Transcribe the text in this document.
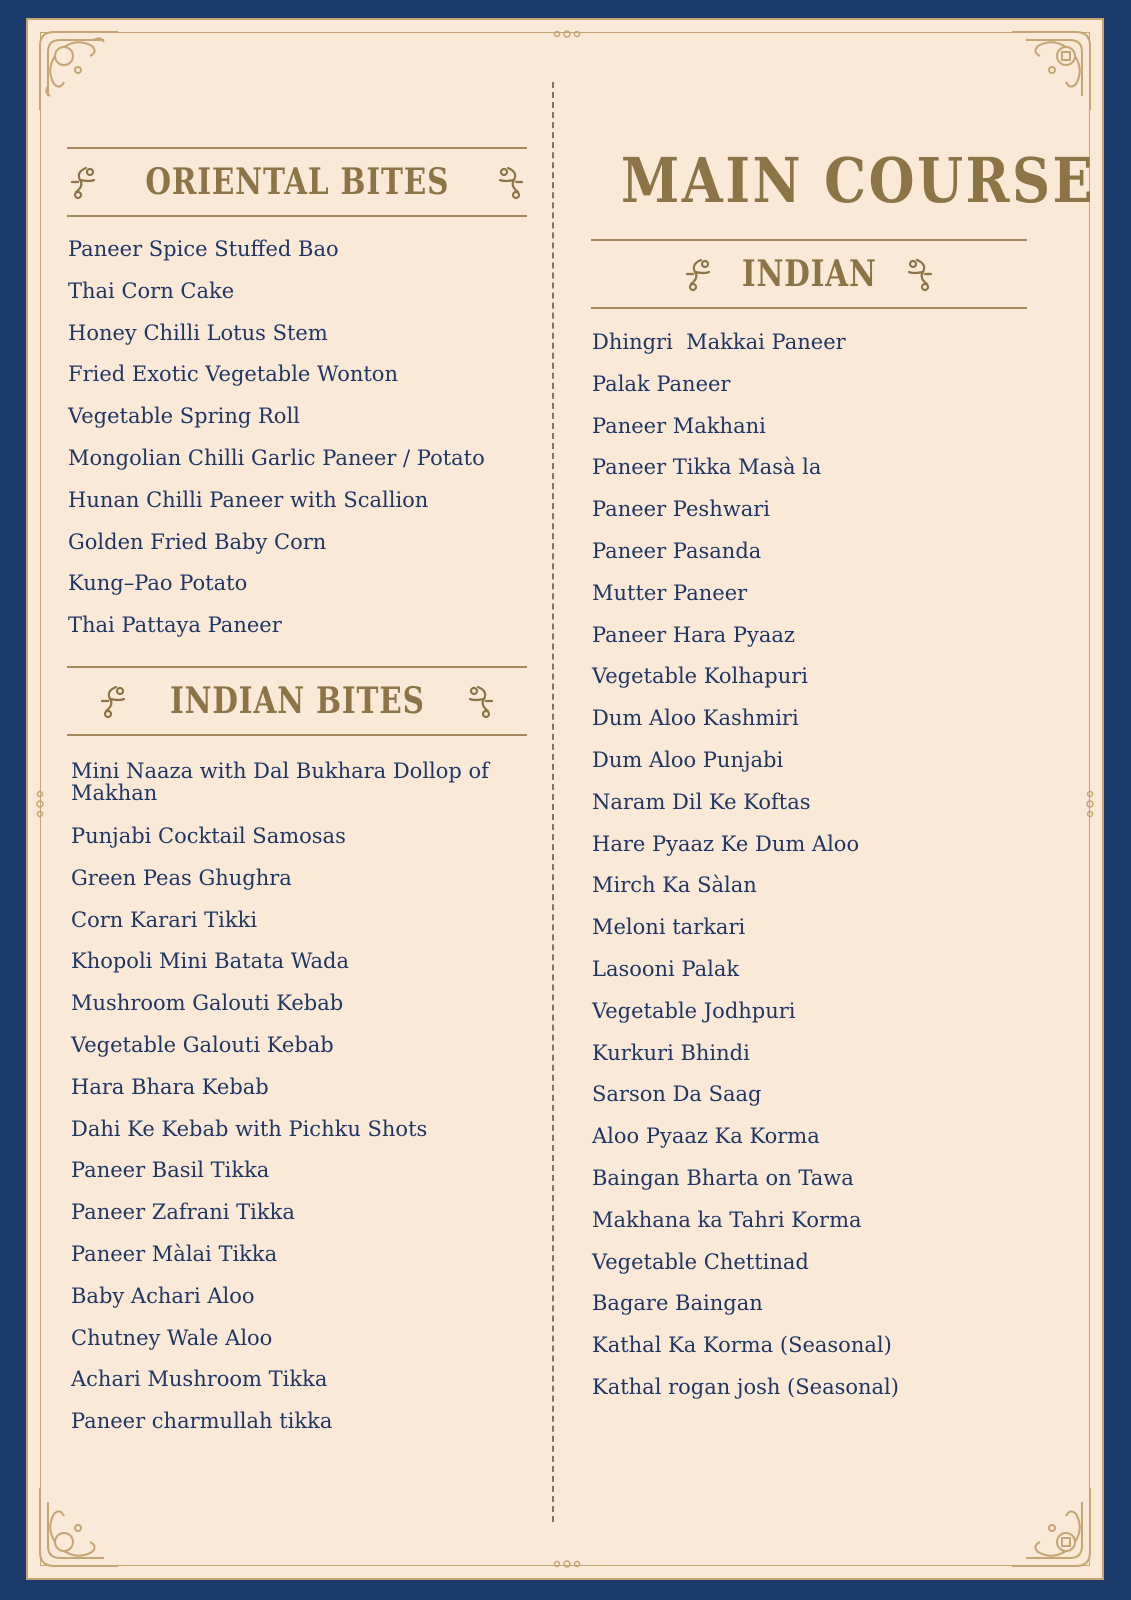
ORIENTAL BITES
Paneer Spice Stuffed Bao
Thai Corn Cake
Honey Chilli Lotus Stem
Fried Exotic Vegetable Wonton
Vegetable Spring Roll
Mongolian Chilli Garlic Paneer / Potato
Hunan Chilli Paneer with Scallion
Golden Fried Baby Corn
Kung–Pao Potato
Thai Pattaya Paneer
INDIAN BITES
Mini Naaza with Dal Bukhara Dollop of Makhan
Punjabi Cocktail Samosas
Green Peas Ghughra
Corn Karari Tikki
Khopoli Mini Batata Wada
Mushroom Galouti Kebab
Vegetable Galouti Kebab
Hara Bhara Kebab
Dahi Ke Kebab with Pichku Shots
Paneer Basil Tikka
Paneer Zafrani Tikka
Paneer Màlai Tikka
Baby Achari Aloo
Chutney Wale Aloo
Achari Mushroom Tikka
Paneer charmullah tikka
MAIN COURSE
INDIAN
Dhingri  Makkai Paneer
Palak Paneer
Paneer Makhani
Paneer Tikka Masà la
Paneer Peshwari
Paneer Pasanda
Mutter Paneer
Paneer Hara Pyaaz
Vegetable Kolhapuri
Dum Aloo Kashmiri
Dum Aloo Punjabi
Naram Dil Ke Koftas
Hare Pyaaz Ke Dum Aloo
Mirch Ka Sàlan
Meloni tarkari
Lasooni Palak
Vegetable Jodhpuri
Kurkuri Bhindi
Sarson Da Saag
Aloo Pyaaz Ka Korma
Baingan Bharta on Tawa
Makhana ka Tahri Korma
Vegetable Chettinad
Bagare Baingan
Kathal Ka Korma (Seasonal)
Kathal rogan josh (Seasonal)
